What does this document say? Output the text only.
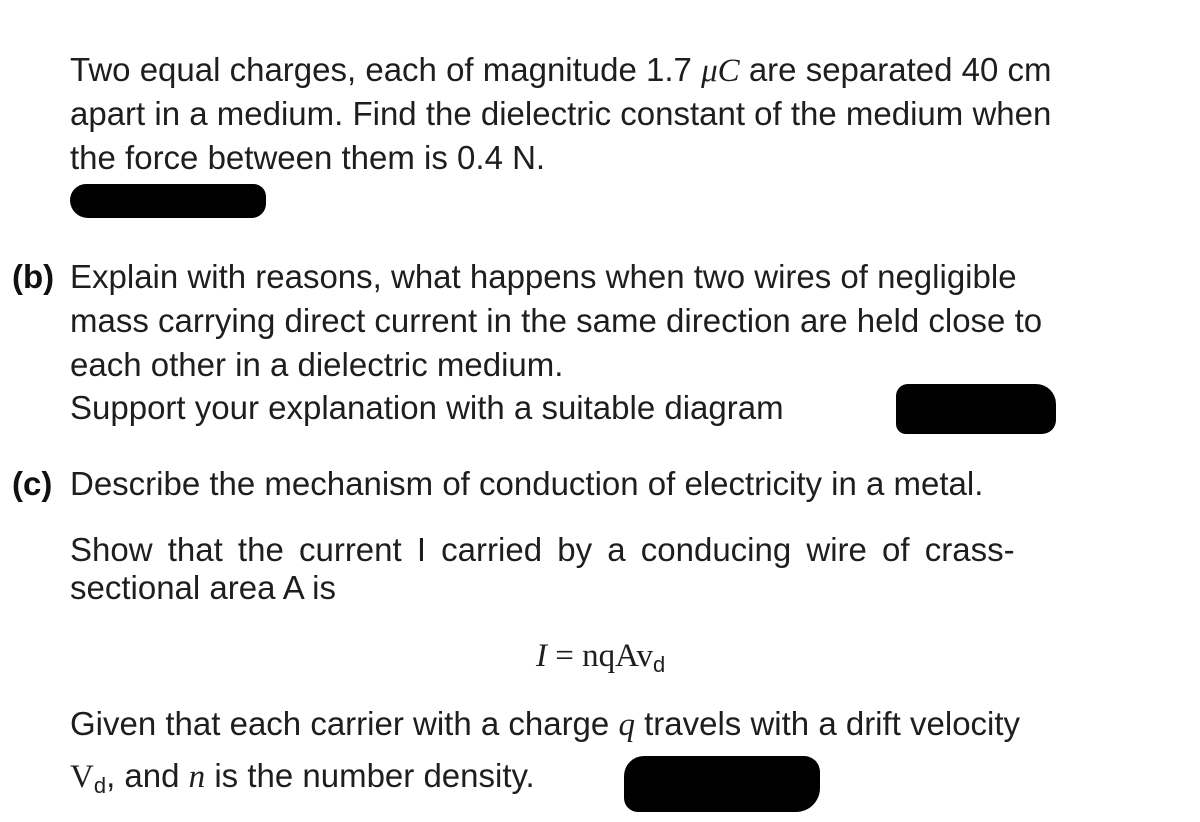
Two equal charges, each of magnitude 1.7 μC are separated 40 cm

apart in a medium. Find the dielectric constant of the medium when

the force between them is 0.4 N.

(b) Explain with reasons, what happens when two wires of negligible

mass carrying direct current in the same direction are held close to

each other in a dielectric medium.

Support your explanation with a suitable diagram

(c) Describe the mechanism of conduction of electricity in a metal.

Show that the current I carried by a conducing wire of crass-

sectional area A is

I = nqAv$_d$

Given that each carrier with a charge q travels with a drift velocity

$V_d$, and n is the number density.
